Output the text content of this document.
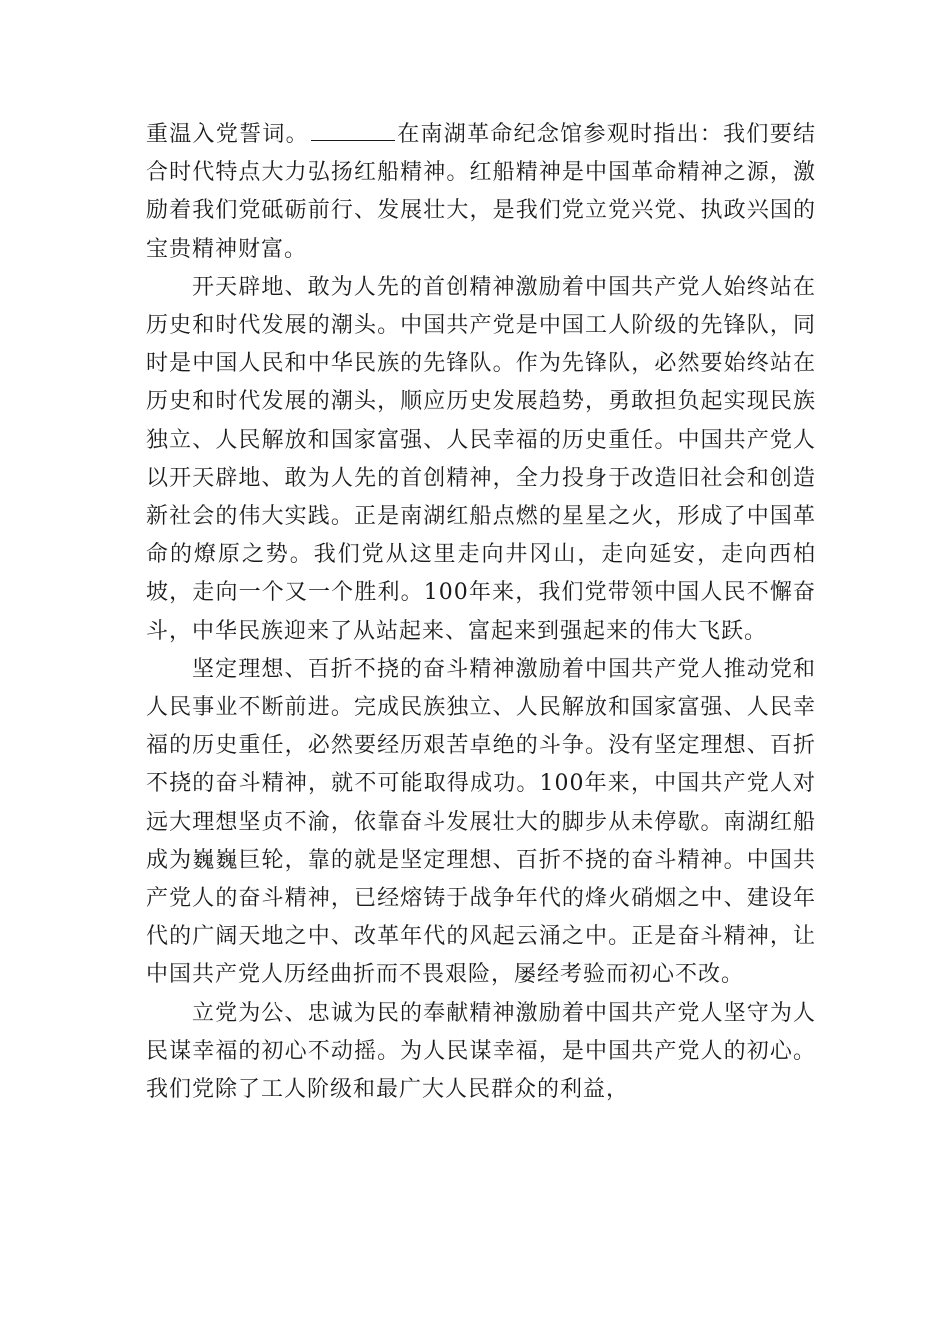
重温入党誓词。	在南湖革命纪念馆参观时指出：我们要结合时代特点大力弘扬红船精神。红船精神是中国革命精神之源，激励着我们党砥砺前行、发展壮大，是我们党立党兴党、执政兴国的宝贵精神财富。

开天辟地、敢为人先的首创精神激励着中国共产党人始终站在历史和时代发展的潮头。中国共产党是中国工人阶级的先锋队，同时是中国人民和中华民族的先锋队。作为先锋队，必然要始终站在历史和时代发展的潮头，顺应历史发展趋势，勇敢担负起实现民族独立、人民解放和国家富强、人民幸福的历史重任。中国共产党人以开天辟地、敢为人先的首创精神，全力投身于改造旧社会和创造新社会的伟大实践。正是南湖红船点燃的星星之火，形成了中国革命的燎原之势。我们党从这里走向井冈山，走向延安，走向西柏坡，走向一个又一个胜利。100年来，我们党带领中国人民不懈奋斗，中华民族迎来了从站起来、富起来到强起来的伟大飞跃。

坚定理想、百折不挠的奋斗精神激励着中国共产党人推动党和人民事业不断前进。完成民族独立、人民解放和国家富强、人民幸福的历史重任，必然要经历艰苦卓绝的斗争。没有坚定理想、百折不挠的奋斗精神，就不可能取得成功。100年来，中国共产党人对远大理想坚贞不渝，依靠奋斗发展壮大的脚步从未停歇。南湖红船成为巍巍巨轮，靠的就是坚定理想、百折不挠的奋斗精神。中国共产党人的奋斗精神，已经熔铸于战争年代的烽火硝烟之中、建设年代的广阔天地之中、改革年代的风起云涌之中。正是奋斗精神，让中国共产党人历经曲折而不畏艰险，屡经考验而初心不改。

立党为公、忠诚为民的奉献精神激励着中国共产党人坚守为人民谋幸福的初心不动摇。为人民谋幸福，是中国共产党人的初心。我们党除了工人阶级和最广大人民群众的利益，
